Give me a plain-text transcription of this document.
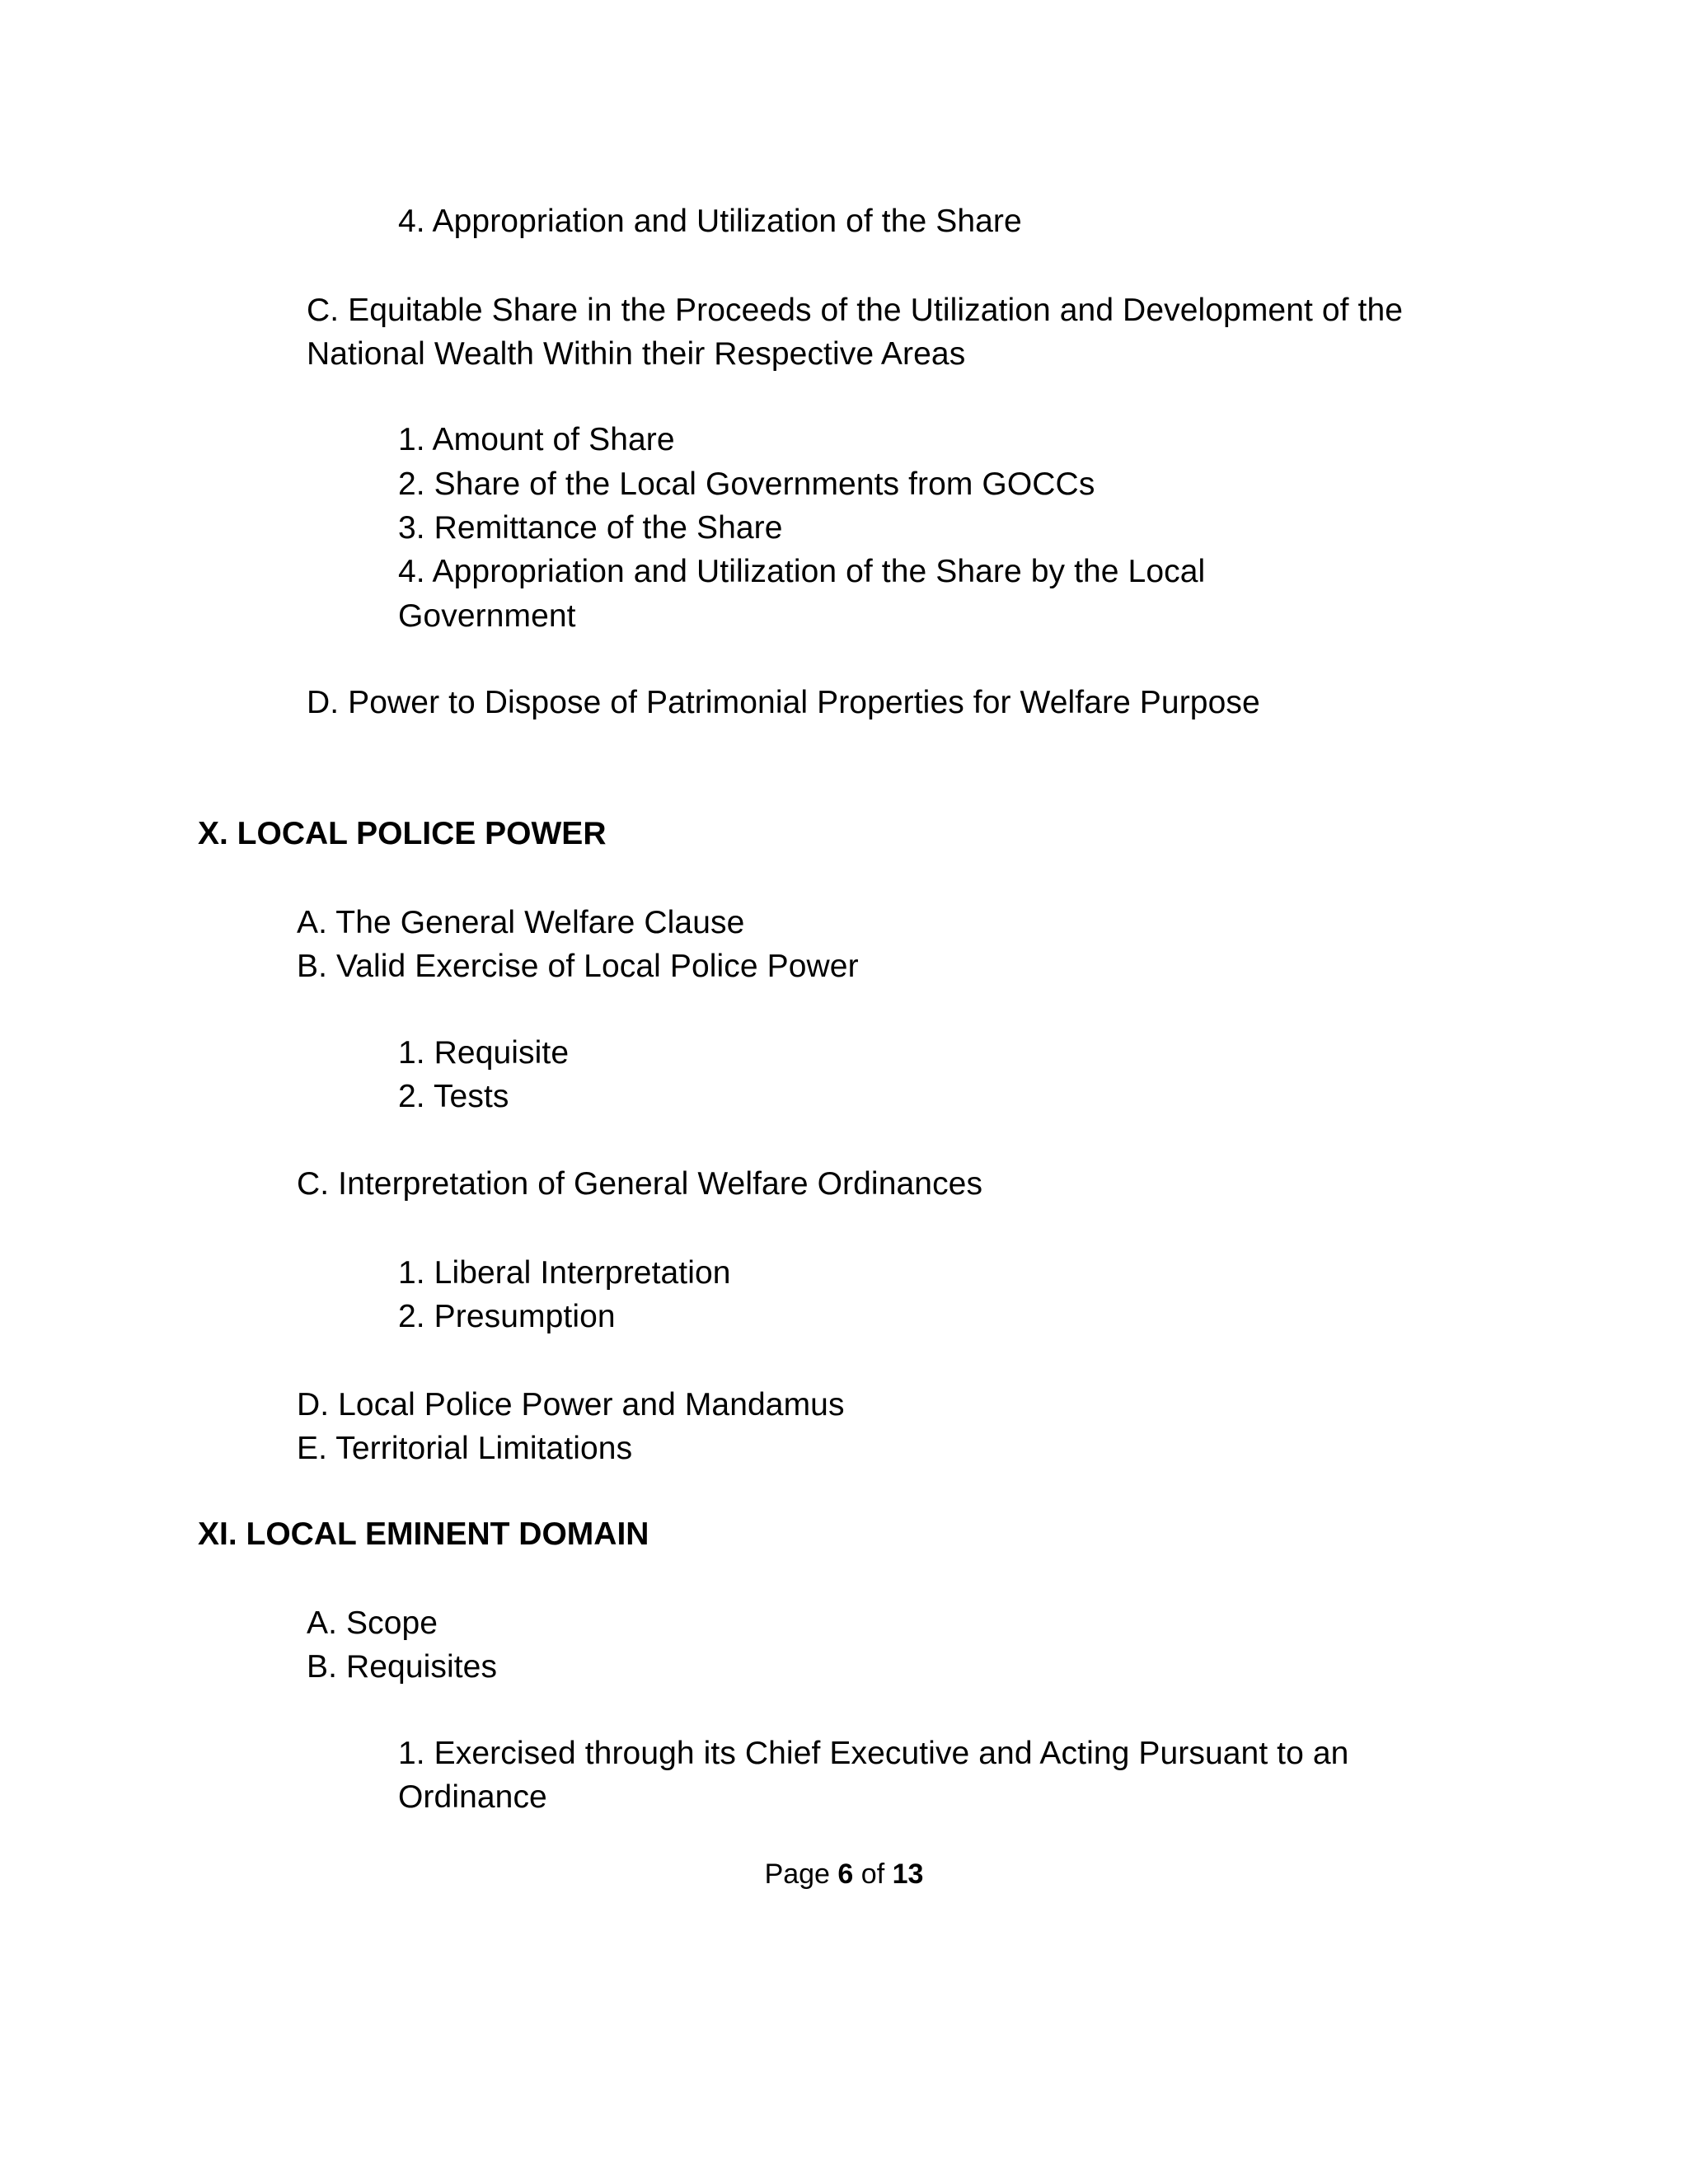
4. Appropriation and Utilization of the Share
C. Equitable Share in the Proceeds of the Utilization and Development of the
National Wealth Within their Respective Areas
1. Amount of Share
2. Share of the Local Governments from GOCCs
3. Remittance of the Share
4. Appropriation and Utilization of the Share by the Local
Government
D. Power to Dispose of Patrimonial Properties for Welfare Purpose
X. LOCAL POLICE POWER
A. The General Welfare Clause
B. Valid Exercise of Local Police Power
1. Requisite
2. Tests
C. Interpretation of General Welfare Ordinances
1. Liberal Interpretation
2. Presumption
D. Local Police Power and Mandamus
E. Territorial Limitations
XI. LOCAL EMINENT DOMAIN
A. Scope
B. Requisites
1. Exercised through its Chief Executive and Acting Pursuant to an
Ordinance
Page 6 of 13
